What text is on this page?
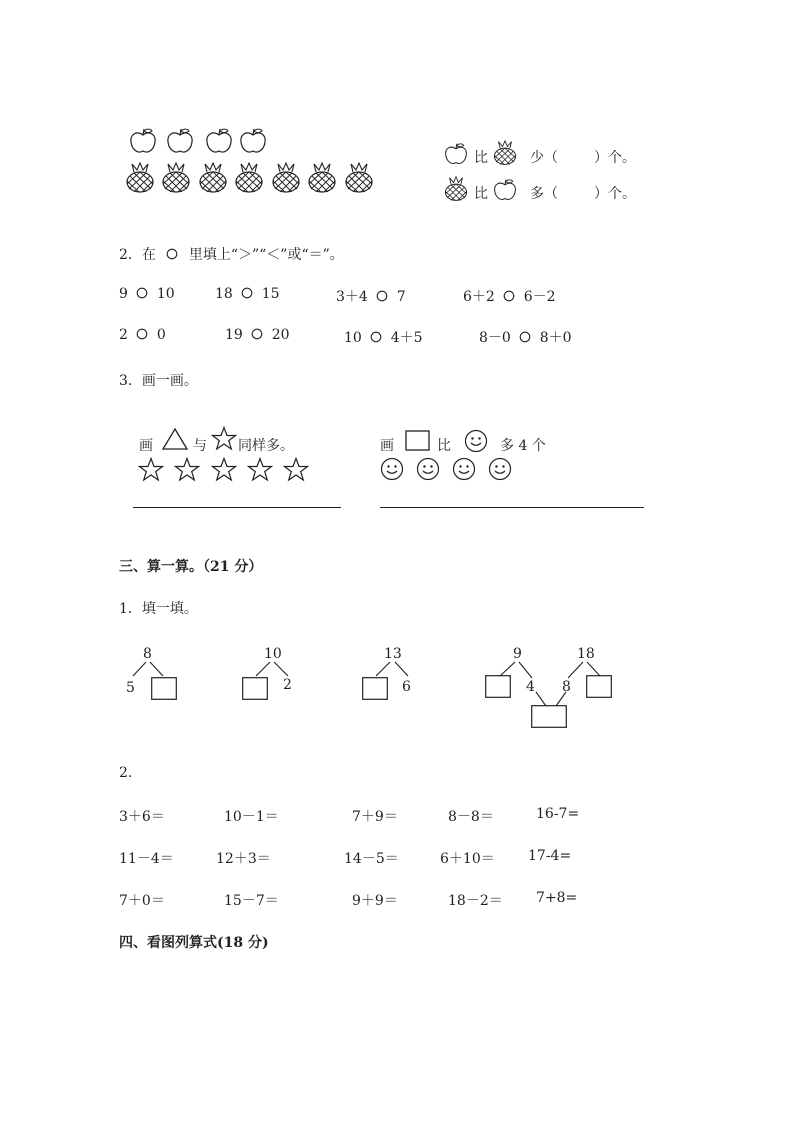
比	少（	）个。
比	多（	）个。
2．在 里填上“＞”“＜”或“＝”。
9 10	18 15	3＋4 7	6＋2 6－2
2 0	19 20	10 4＋5	8－0 8＋0
3．画一画。
画	与 同样多。	画	比	多 4 个
三、算一算。（21 分）
1．填一填。
8
5
10
2
13
6
9	18
4 8
2.
3＋6＝	10－1＝	7＋9＝	8－8＝	16-7=
11－4＝	12＋3＝	14－5＝	6＋10＝ 17-4=
7＋0＝	15－7＝	9＋9＝	18－2＝ 7+8=
四、看图列算式(18 分)
